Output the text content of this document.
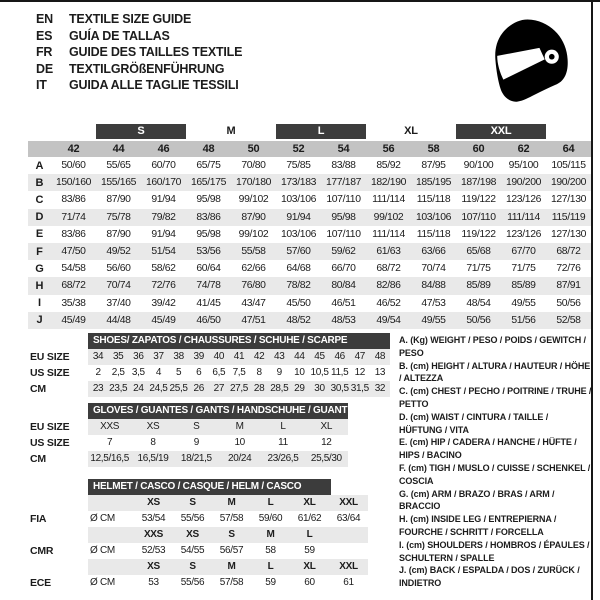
EN	TEXTILE SIZE GUIDE
ES	GUÍA DE TALLAS
FR	GUIDE DES TAILLES TEXTILE
DE	TEXTILGRÖßENFÜHRUNG
IT	GUIDA ALLE TAGLIE TESSILI
S	M	L	XL	XXL
42	44	46	48	50	52	54	56	58	60	62	64
A	50/60	55/65	60/70	65/75	70/80	75/85	83/88	85/92	87/95	90/100	95/100	105/115
B	150/160 155/165 160/170 165/175 170/180 173/183 177/187 182/190 185/195 187/198 190/200 190/200
C	83/86	87/90	91/94	95/98	99/102	103/106 107/110	111/114	115/118	119/122 123/126 127/130
D	71/74	75/78	79/82	83/86	87/90	91/94	95/98	99/102	103/106 107/110	111/114	115/119
E	83/86	87/90	91/94	95/98	99/102	103/106 107/110	111/114	115/118	119/122 123/126 127/130
F	47/50	49/52	51/54	53/56	55/58	57/60	59/62	61/63	63/66	65/68	67/70	68/72
G	54/58	56/60	58/62	60/64	62/66	64/68	66/70	68/72	70/74	71/75	71/75	72/76
H	68/72	70/74	72/76	74/78	76/80	78/82	80/84	82/86	84/88	85/89	85/89	87/91
I	35/38	37/40	39/42	41/45	43/47	45/50	46/51	46/52	47/53	48/54	49/55	50/56
J	45/49	44/48	45/49	46/50	47/51	48/52	48/53	49/54	49/55	50/56	51/56	52/58
SHOES/ ZAPATOS / CHAUSSURES / SCHUHE / SCARPE
EU SIZE	34 35 36 37 38 39 40 41 42 43 44 45 46 47 48
US SIZE	2	2,5 3,5	4	5	6	6,5 7,5	8	9	10 10,5 11,5 12 13
CM	23 23,5 24 24,5 25,5 26 27 27,5 28 28,5 29 30 30,5 31,5 32
GLOVES / GUANTES / GANTS / HANDSCHUHE / GUANTI
EU SIZE	XXS	XS	S	M	L	XL
US SIZE	7	8	9	10	11	12
CM	12,5/16,5 16,5/19	18/21,5	20/24	23/26,5	25,5/30
HELMET / CASCO / CASQUE / HELM / CASCO
XS	S	M	L	XL	XXL
FIA	Ø CM	53/54	55/56	57/58	59/60	61/62	63/64
XXS	XS	S	M	L
CMR	Ø CM	52/53	54/55	56/57	58	59
XS	S	M	L	XL	XXL
ECE	Ø CM	53	55/56	57/58	59	60	61
A. (Kg) WEIGHT / PESO / POIDS / GEWITCH / PESO
B. (cm) HEIGHT / ALTURA / HAUTEUR / HÖHE / ALTEZZA
C. (cm) CHEST / PECHO / POITRINE / TRUHE / PETTO
D. (cm) WAIST / CINTURA / TAILLE / HÜFTUNG / VITA
E. (cm) HIP / CADERA / HANCHE / HÜFTE / HIPS / BACINO
F. (cm) TIGH / MUSLO / CUISSE / SCHENKEL / COSCIA
G. (cm) ARM / BRAZO / BRAS / ARM / BRACCIO
H. (cm) INSIDE LEG / ENTREPIERNA / FOURCHE / SCHRITT / FORCELLA
I. (cm) SHOULDERS / HOMBROS / ÉPAULES / SCHULTERN / SPALLE
J. (cm) BACK / ESPALDA / DOS / ZURÜCK / INDIETRO
